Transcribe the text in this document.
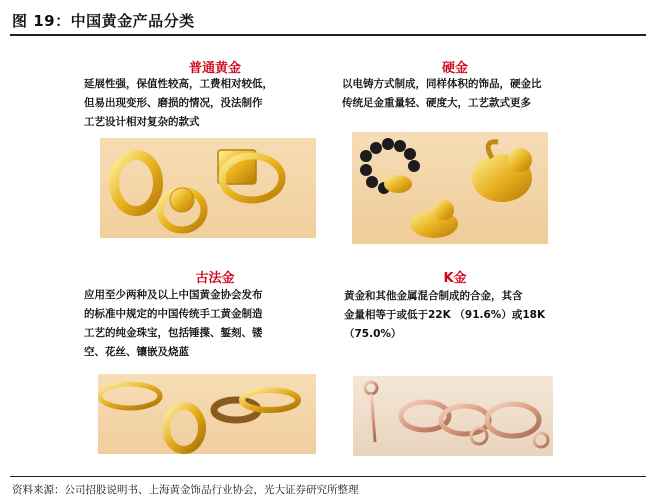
图 19：中国黄金产品分类
普通黄金
延展性强，保值性较高，工费相对较低，
但易出现变形、磨损的情况，没法制作
工艺设计相对复杂的款式
硬金
以电铸方式制成，同样体积的饰品，硬金比
传统足金重量轻、硬度大，工艺款式更多
古法金
应用至少两种及以上中国黄金协会发布
的标准中规定的中国传统手工黄金制造
工艺的纯金珠宝，包括锤揲、錾刻、镂
空、花丝、镶嵌及烧蓝
K金
黄金和其他金属混合制成的合金，其含
金量相等于或低于22K （91.6%）或18K
（75.0%）
资料来源：公司招股说明书、上海黄金饰品行业协会，光大证券研究所整理
